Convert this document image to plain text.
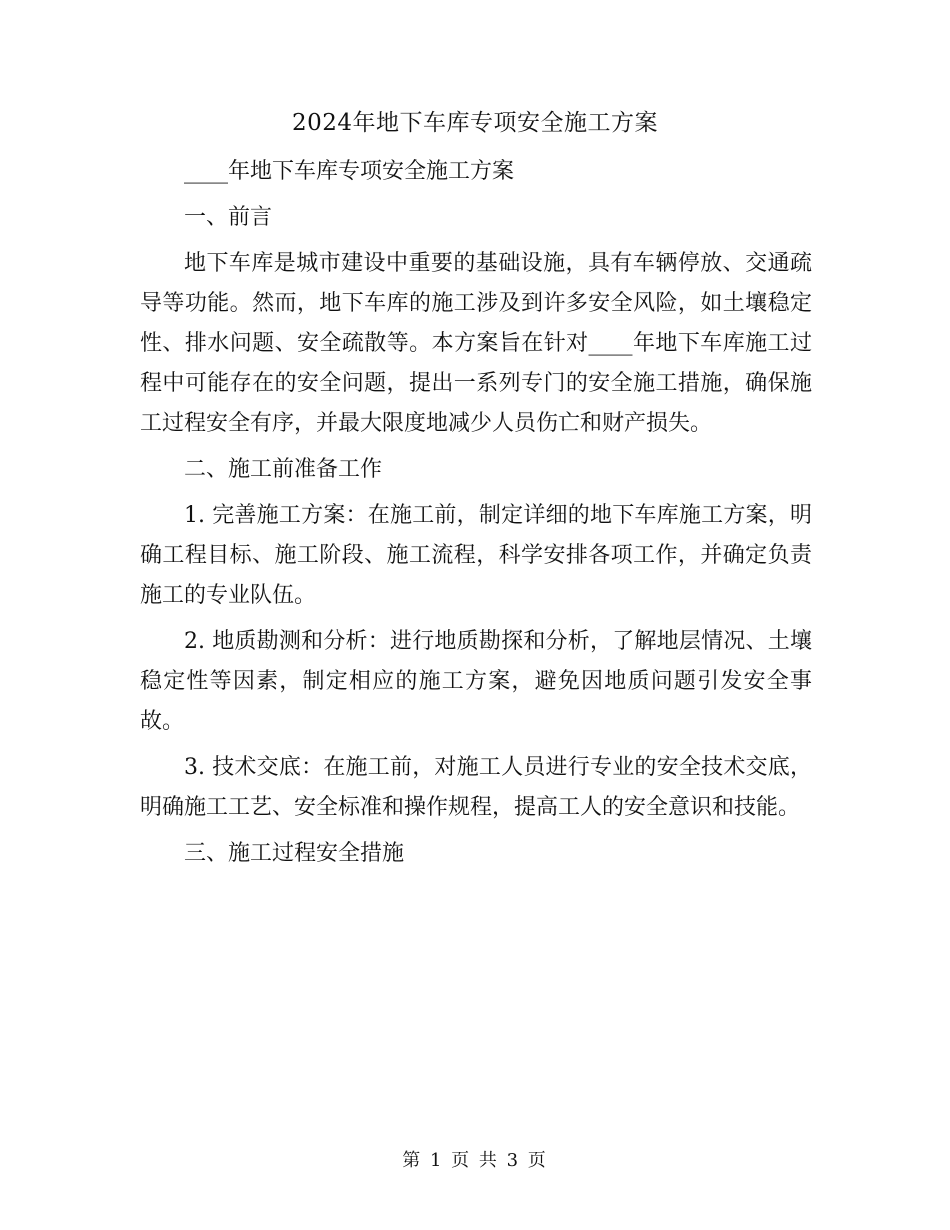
2024年地下车库专项安全施工方案

____年地下车库专项安全施工方案

一、前言

地下车库是城市建设中重要的基础设施，具有车辆停放、交通疏导等功能。然而，地下车库的施工涉及到许多安全风险，如土壤稳定性、排水问题、安全疏散等。本方案旨在针对____年地下车库施工过程中可能存在的安全问题，提出一系列专门的安全施工措施，确保施工过程安全有序，并最大限度地减少人员伤亡和财产损失。

二、施工前准备工作

1. 完善施工方案：在施工前，制定详细的地下车库施工方案，明确工程目标、施工阶段、施工流程，科学安排各项工作，并确定负责施工的专业队伍。

2. 地质勘测和分析：进行地质勘探和分析，了解地层情况、土壤稳定性等因素，制定相应的施工方案，避免因地质问题引发安全事故。

3. 技术交底：在施工前，对施工人员进行专业的安全技术交底，明确施工工艺、安全标准和操作规程，提高工人的安全意识和技能。

三、施工过程安全措施

第 1 页 共 3 页
